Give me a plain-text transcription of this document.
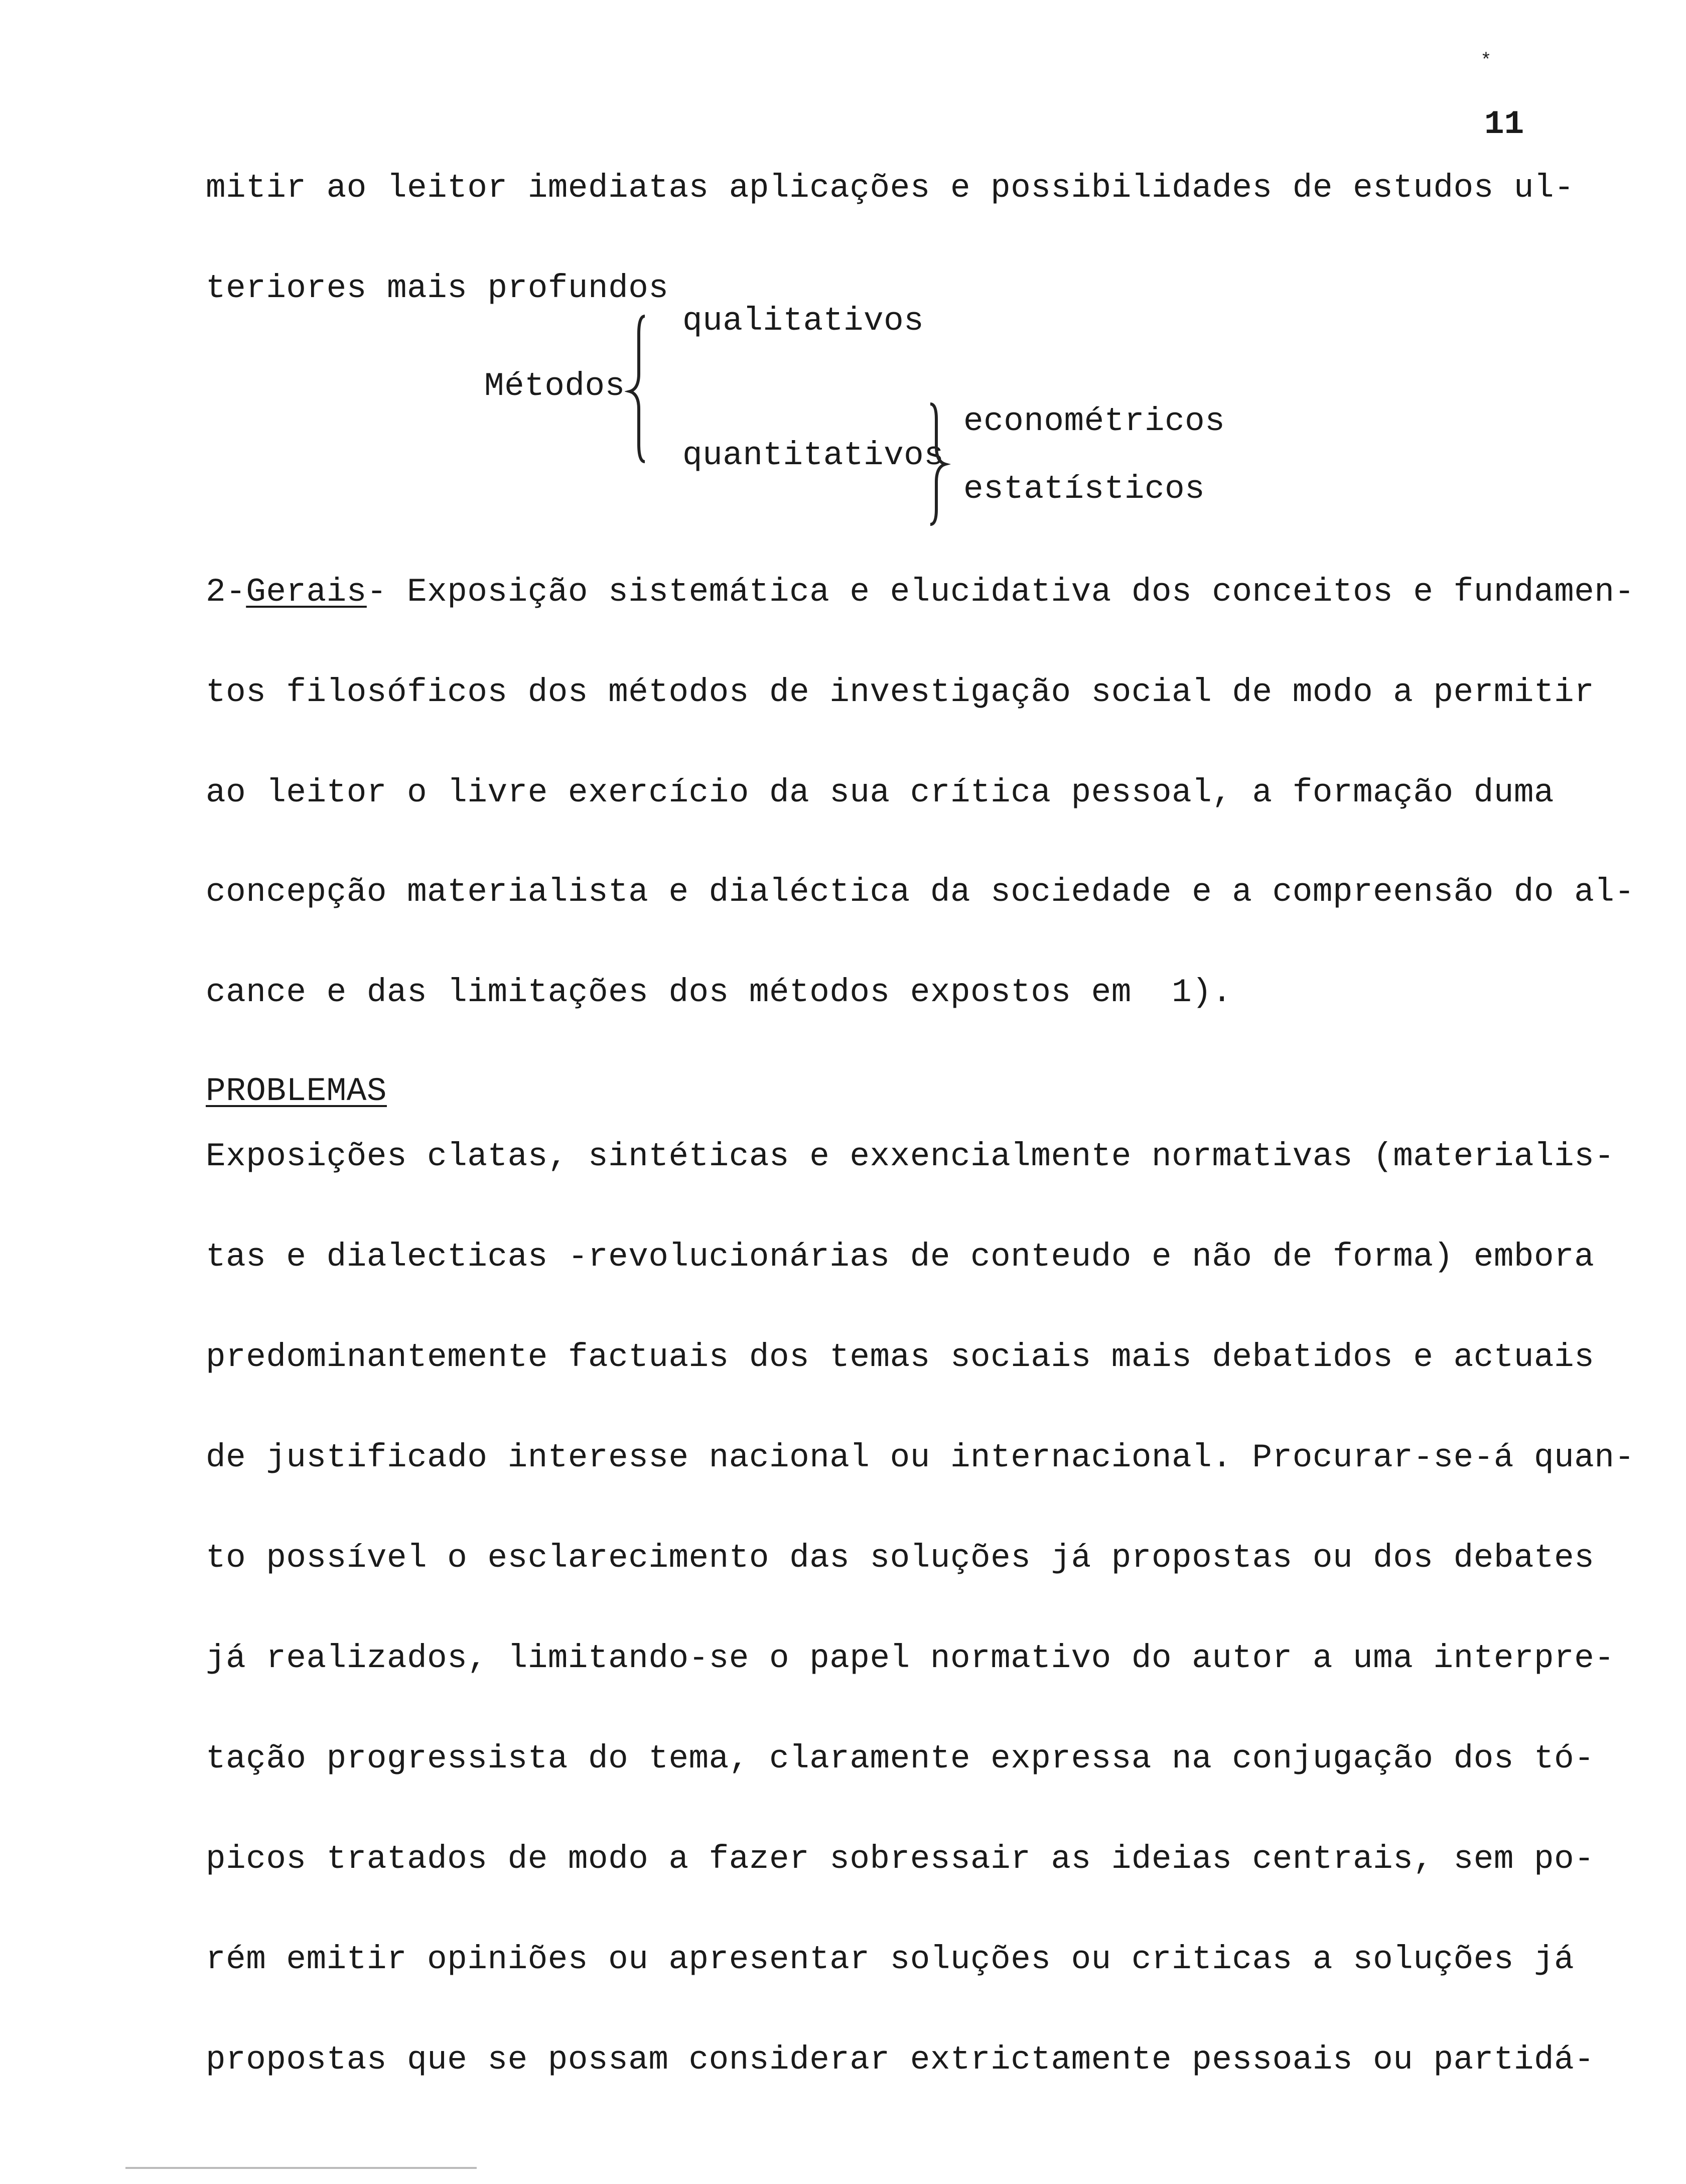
*
11
mitir ao leitor imediatas aplicações e possibilidades de estudos ul-
teriores mais profundos
Métodos
qualitativos
quantitativos
econométricos
estatísticos
2-Gerais- Exposição sistemática e elucidativa dos conceitos e fundamen-
tos filosóficos dos métodos de investigação social de modo a permitir
ao leitor o livre exercício da sua crítica pessoal, a formação duma
concepção materialista e dialéctica da sociedade e a compreensão do al-
cance e das limitações dos métodos expostos em  1).
PROBLEMAS
Exposições clatas, sintéticas e exxencialmente normativas (materialis-
tas e dialecticas -revolucionárias de conteudo e não de forma) embora
predominantemente factuais dos temas sociais mais debatidos e actuais
de justificado interesse nacional ou internacional. Procurar-se-á quan-
to possível o esclarecimento das soluções já propostas ou dos debates
já realizados, limitando-se o papel normativo do autor a uma interpre-
tação progressista do tema, claramente expressa na conjugação dos tó-
picos tratados de modo a fazer sobressair as ideias centrais, sem po-
rém emitir opiniões ou apresentar soluções ou criticas a soluções já
propostas que se possam considerar extrictamente pessoais ou partidá-
